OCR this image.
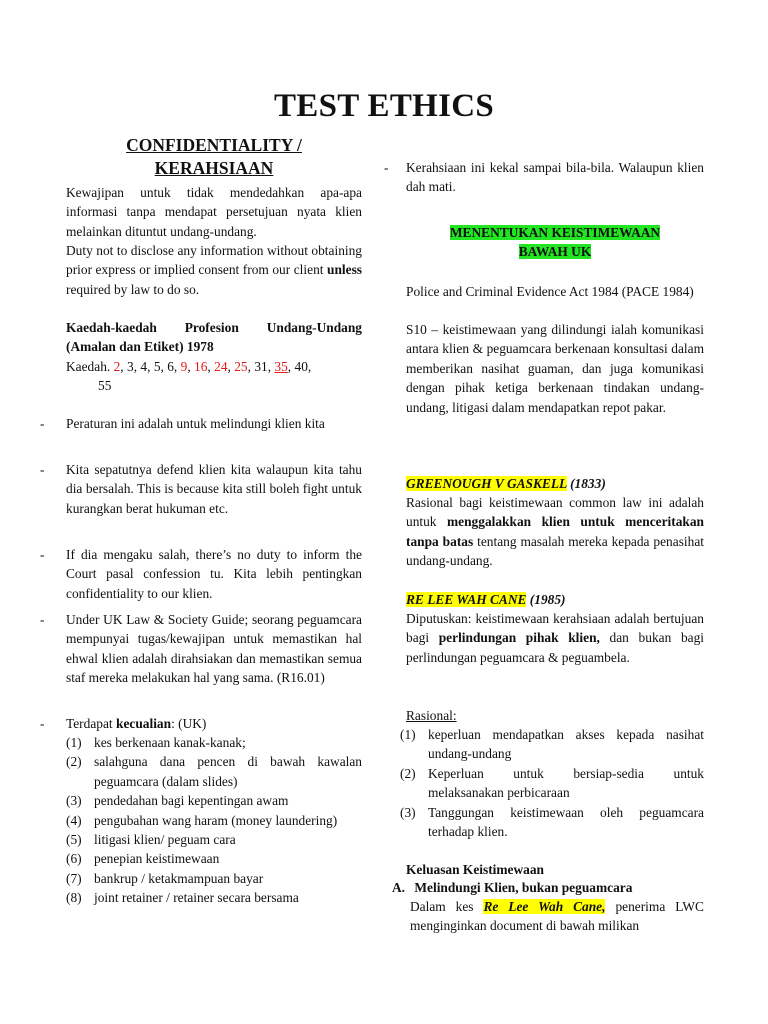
TEST ETHICS
CONFIDENTIALITY /
KERAHSIAAN
Kewajipan untuk tidak mendedahkan apa-apa informasi tanpa mendapat persetujuan nyata klien melainkan dituntut undang-undang.
Duty not to disclose any information without obtaining prior express or implied consent from our client unless required by law to do so.
Kaedah-kaedah Profesion Undang-Undang (Amalan dan Etiket) 1978
Kaedah. 2, 3, 4, 5, 6, 9, 16, 24, 25, 31, 35, 40,
55
- Peraturan ini adalah untuk melindungi klien kita
- Kita sepatutnya defend klien kita walaupun kita tahu dia bersalah. This is because kita still boleh fight untuk kurangkan berat hukuman etc.
- If dia mengaku salah, there’s no duty to inform the Court pasal confession tu. Kita lebih pentingkan confidentiality to our klien.
- Under UK Law & Society Guide; seorang peguamcara mempunyai tugas/kewajipan untuk memastikan hal ehwal klien adalah dirahsiakan dan memastikan semua staf mereka melakukan hal yang sama. (R16.01)
- Terdapat kecualian: (UK)
(1) kes berkenaan kanak-kanak;
(2) salahguna dana pencen di bawah kawalan peguamcara (dalam slides)
(3) pendedahan bagi kepentingan awam
(4) pengubahan wang haram (money laundering)
(5) litigasi klien/ peguam cara
(6) penepian keistimewaan
(7) bankrup / ketakmampuan bayar
(8) joint retainer / retainer secara bersama
- Kerahsiaan ini kekal sampai bila-bila. Walaupun klien dah mati.
MENENTUKAN KEISTIMEWAAN
BAWAH UK
Police and Criminal Evidence Act 1984 (PACE 1984)
S10 – keistimewaan yang dilindungi ialah komunikasi antara klien & peguamcara berkenaan konsultasi dalam memberikan nasihat guaman, dan juga komunikasi dengan pihak ketiga berkenaan tindakan undang-undang, litigasi dalam mendapatkan repot pakar.
GREENOUGH V GASKELL (1833)
Rasional bagi keistimewaan common law ini adalah untuk menggalakkan klien untuk menceritakan tanpa batas tentang masalah mereka kepada penasihat undang-undang.
RE LEE WAH CANE (1985)
Diputuskan: keistimewaan kerahsiaan adalah bertujuan bagi perlindungan pihak klien, dan bukan bagi perlindungan peguamcara & peguambela.
Rasional:
(1) keperluan mendapatkan akses kepada nasihat undang-undang
(2) Keperluan untuk bersiap-sedia untuk melaksanakan perbicaraan
(3) Tanggungan keistimewaan oleh peguamcara terhadap klien.
Keluasan Keistimewaan
A. Melindungi Klien, bukan peguamcara
Dalam kes Re Lee Wah Cane, penerima LWC menginginkan document di bawah milikan
